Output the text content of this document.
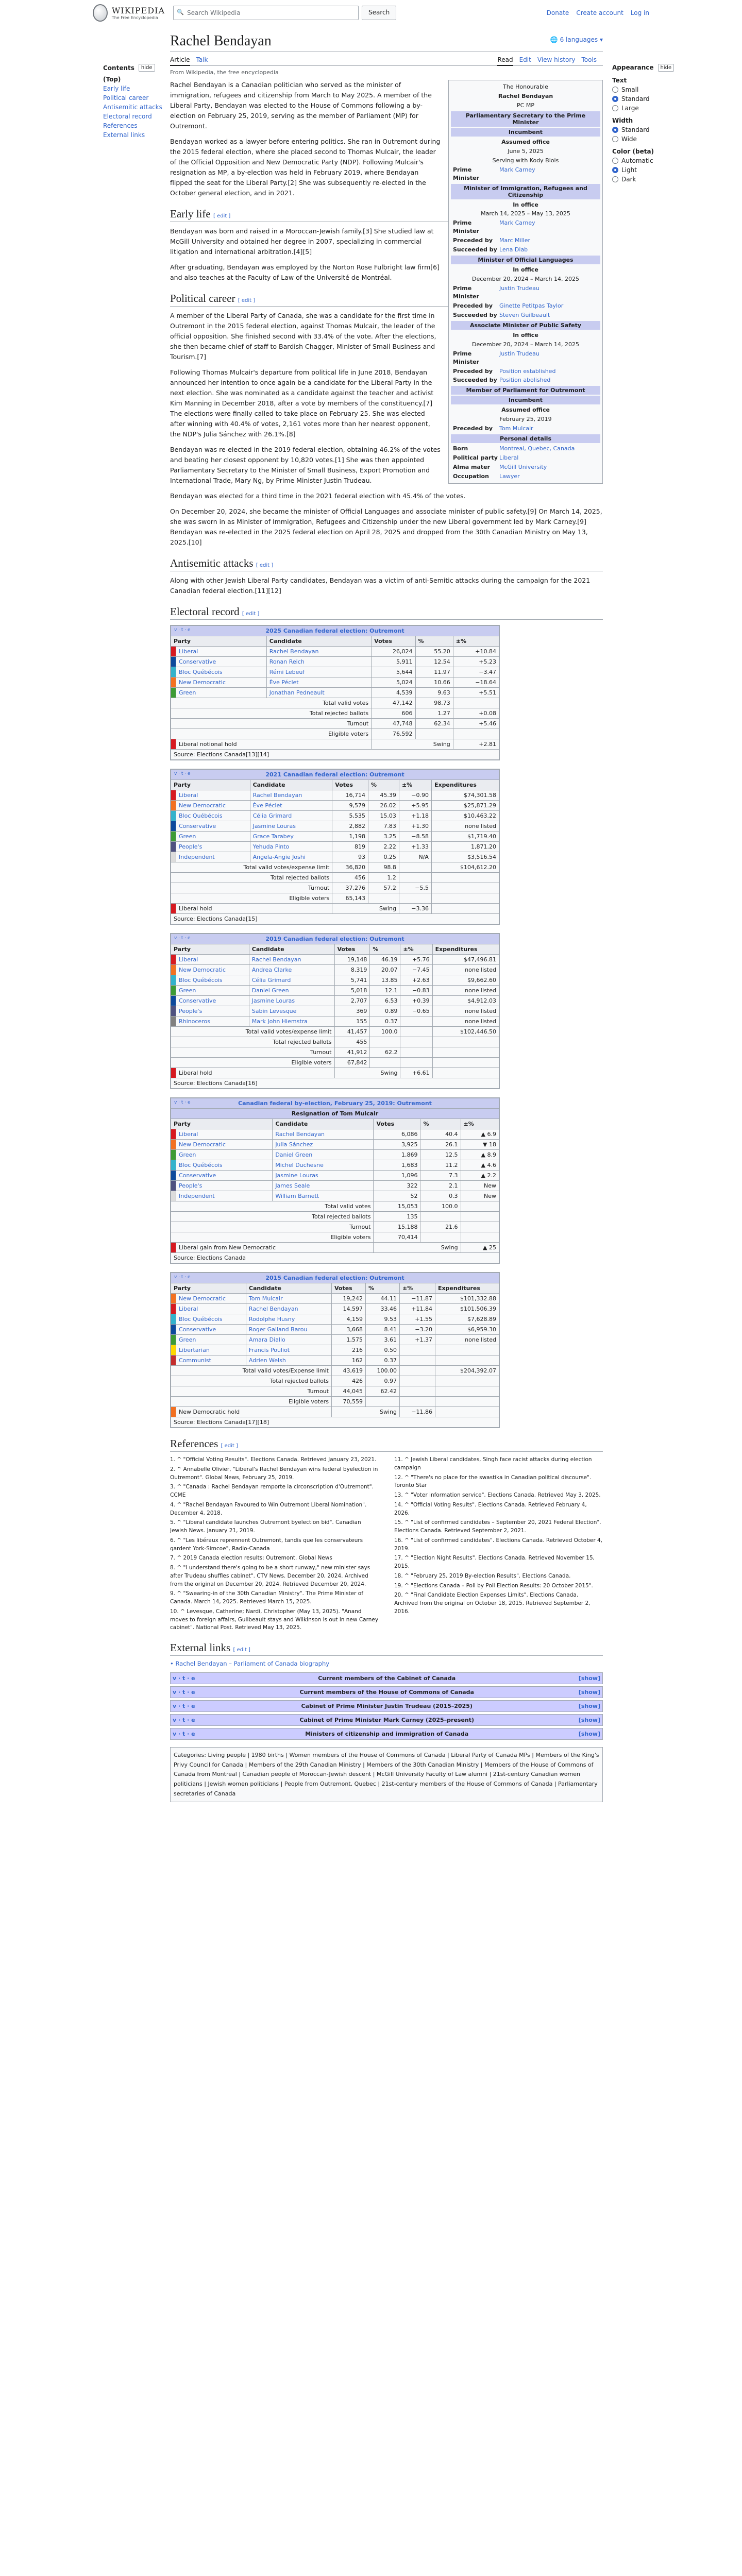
WIKIPEDIA
The Free Encyclopedia
🔍 Search Wikipedia	Search	Donate Create account Log in
Contents	hide
(Top)
Early life
Political career
Antisemitic attacks
Electoral record
References
External links
Appearance	hide
Text
Small
Standard
Large
Width
Standard
Wide
Color (beta)
Automatic
Light
Dark
Rachel Bendayan	🌐 6 languages ▾
Article Talk	Read Edit View history Tools
From Wikipedia, the free encyclopedia
The Honourable
Rachel Bendayan
PC MP
Parliamentary Secretary to the Prime Minister
Incumbent
Assumed office
June 5, 2025
Serving with Kody Blois
Prime Minister
Mark Carney
Minister of Immigration, Refugees and Citizenship
In office
March 14, 2025 – May 13, 2025
Prime Minister
Mark Carney
Preceded by	Marc Miller
Succeeded by Lena Diab
Minister of Official Languages
In office
December 20, 2024 – March 14, 2025
Prime Minister
Justin Trudeau
Preceded by	Ginette Petitpas Taylor
Succeeded by Steven Guilbeault
Associate Minister of Public Safety
In office
December 20, 2024 – March 14, 2025
Prime Minister
Justin Trudeau
Preceded by	Position established
Succeeded by Position abolished
Member of Parliament for Outremont
Incumbent
Assumed office
February 25, 2019
Preceded by	Tom Mulcair
Personal details
Born	Montreal, Quebec, Canada
Political party Liberal
Alma mater	McGill University
Occupation	Lawyer

Rachel Bendayan is a Canadian politician who served as the minister of immigration, refugees and citizenship from March to May 2025. A member of the Liberal Party, Bendayan was elected to the House of Commons following a by-election on February 25, 2019, serving as the member of Parliament (MP) for Outremont.

Bendayan worked as a lawyer before entering politics. She ran in Outremont during the 2015 federal election, where she placed second to Thomas Mulcair, the leader of the Official Opposition and New Democratic Party (NDP). Following Mulcair's resignation as MP, a by-election was held in February 2019, where Bendayan flipped the seat for the Liberal Party.[2] She was subsequently re-elected in the October general election, and in 2021.

Early life [ edit ]

Bendayan was born and raised in a Moroccan-Jewish family.[3] She studied law at McGill University and obtained her degree in 2007, specializing in commercial litigation and international arbitration.[4][5]

After graduating, Bendayan was employed by the Norton Rose Fulbright law firm[6] and also teaches at the Faculty of Law of the Université de Montréal.

Political career [ edit ]

A member of the Liberal Party of Canada, she was a candidate for the first time in Outremont in the 2015 federal election, against Thomas Mulcair, the leader of the official opposition. She finished second with 33.4% of the vote. After the elections, she then became chief of staff to Bardish Chagger, Minister of Small Business and Tourism.[7]

Following Thomas Mulcair's departure from political life in June 2018, Bendayan announced her intention to once again be a candidate for the Liberal Party in the next election. She was nominated as a candidate against the teacher and activist Kim Manning in December 2018, after a vote by members of the constituency.[7] The elections were finally called to take place on February 25. She was elected after winning with 40.4% of votes, 2,161 votes more than her nearest opponent, the NDP's Julia Sánchez with 26.1%.[8]

Bendayan was re-elected in the 2019 federal election, obtaining 46.2% of the votes and beating her closest opponent by 10,820 votes.[1] She was then appointed Parliamentary Secretary to the Minister of Small Business, Export Promotion and International Trade, Mary Ng, by Prime Minister Justin Trudeau.

Bendayan was elected for a third time in the 2021 federal election with 45.4% of the votes.

On December 20, 2024, she became the minister of Official Languages and associate minister of public safety.[9] On March 14, 2025, she was sworn in as Minister of Immigration, Refugees and Citizenship under the new Liberal government led by Mark Carney.[9] Bendayan was re-elected in the 2025 federal election on April 28, 2025 and dropped from the 30th Canadian Ministry on May 13, 2025.[10]

Antisemitic attacks [ edit ]

Along with other Jewish Liberal Party candidates, Bendayan was a victim of anti-Semitic attacks during the campaign for the 2021 Canadian federal election.[11][12]

Electoral record [ edit ]
2025 Canadian federal election: Outremont
v · t · e					

Party		Candidate	Votes	%	±%
	Liberal	Rachel Bendayan	26,024	55.20	+10.84
	Conservative	Ronan Reich	5,911	12.54	+5.23
	Bloc Québécois	Rémi Lebeuf	5,644	11.97	−3.47
	New Democratic	Ève Péclet	5,024	10.66	−18.64
	Green	Jonathan Pedneault	4,539	9.63	+5.51
Total valid votes			47,142	98.73	
Total rejected ballots			606	1.27	+0.08
Turnout			47,748	62.34	+5.46
Eligible voters			76,592		
	Liberal notional hold		Swing		+2.81
Source: Elections Canada[13][14]					
2021 Canadian federal election: Outremont
v · t · e						

Party		Candidate	Votes	%	±%	Expenditures
	Liberal	Rachel Bendayan	16,714	45.39	−0.90	$74,301.58
	New Democratic	Ève Péclet	9,579	26.02	+5.95	$25,871.29
	Bloc Québécois	Célia Grimard	5,535	15.03	+1.18	$10,463.22
	Conservative	Jasmine Louras	2,882	7.83	+1.30	none listed
	Green	Grace Tarabey	1,198	3.25	−8.58	$1,719.40
	People's	Yehuda Pinto	819	2.22	+1.33	1,871.20
	Independent	Angela-Angie Joshi	93	0.25	N/A	$3,516.54
Total valid votes/expense limit			36,820	98.8		$104,612.20
Total rejected ballots			456	1.2		
Turnout			37,276	57.2	−5.5	
Eligible voters			65,143			
	Liberal hold		Swing		−3.36	
Source: Elections Canada[15]						
2019 Canadian federal election: Outremont
v · t · e						

Party		Candidate	Votes	%	±%	Expenditures
	Liberal	Rachel Bendayan	19,148	46.19	+5.76	$47,496.81
	New Democratic	Andrea Clarke	8,319	20.07	−7.45	none listed
	Bloc Québécois	Célia Grimard	5,741	13.85	+2.63	$9,662.60
	Green	Daniel Green	5,018	12.1	−0.83	none listed
	Conservative	Jasmine Louras	2,707	6.53	+0.39	$4,912.03
	People's	Sabin Levesque	369	0.89	−0.65	none listed
	Rhinoceros	Mark John Hiemstra	155	0.37		none listed
Total valid votes/expense limit			41,457	100.0		$102,446.50
Total rejected ballots			455			
Turnout			41,912	62.2		
Eligible voters			67,842			
	Liberal hold		Swing		+6.61	
Source: Elections Canada[16]						
Canadian federal by-election, February 25, 2019: Outremont
v · t · e					

Resignation of Tom Mulcair					
Party		Candidate	Votes	%	±%
	Liberal	Rachel Bendayan	6,086	40.4	▲ 6.9
	New Democratic	Julia Sánchez	3,925	26.1	▼ 18
	Green	Daniel Green	1,869	12.5	▲ 8.9
	Bloc Québécois	Michel Duchesne	1,683	11.2	▲ 4.6
	Conservative	Jasmine Louras	1,096	7.3	▲ 2.2
	People's	James Seale	322	2.1	New
	Independent	William Barnett	52	0.3	New
Total valid votes			15,053	100.0	
Total rejected ballots			135		
Turnout			15,188	21.6	
Eligible voters			70,414		
	Liberal gain from New Democratic		Swing		▲ 25
Source: Elections Canada					
2015 Canadian federal election: Outremont
v · t · e						

Party		Candidate	Votes	%	±%	Expenditures
	New Democratic	Tom Mulcair	19,242	44.11	−11.87	$101,332.88
	Liberal	Rachel Bendayan	14,597	33.46	+11.84	$101,506.39
	Bloc Québécois	Rodolphe Husny	4,159	9.53	+1.55	$7,628.89
	Conservative	Roger Galland Barou	3,668	8.41	−3.20	$6,959.30
	Green	Amara Diallo	1,575	3.61	+1.37	none listed
	Libertarian	Francis Pouliot	216	0.50		
	Communist	Adrien Welsh	162	0.37		
Total valid votes/Expense limit			43,619	100.00		$204,392.07
Total rejected ballots			426	0.97		
Turnout			44,045	62.42		
Eligible voters			70,559			
	New Democratic hold		Swing		−11.86	
Source: Elections Canada[17][18]						
References [ edit ]
1. ^ "Official Voting Results". Elections Canada. Retrieved January 23, 2021.
2. ^ Annabelle Olivier, "Liberal's Rachel Bendayan wins federal byelection in Outremont". Global News, February 25, 2019.
3. ^ "Canada : Rachel Bendayan remporte la circonscription d'Outremont". CCME
4. ^ "Rachel Bendayan Favoured to Win Outremont Liberal Nomination". December 4, 2018.
5. ^ "Liberal candidate launches Outremont byelection bid". Canadian Jewish News. January 21, 2019.
6. ^ "Les libéraux reprennent Outremont, tandis que les conservateurs gardent York-Simcoe", Radio-Canada
7. ^ 2019 Canada election results: Outremont. Global News
8. ^ "I understand there's going to be a short runway," new minister says after Trudeau shuffles cabinet". CTV News. December 20, 2024. Archived from the original on December 20, 2024. Retrieved December 20, 2024.
9. ^ "Swearing-in of the 30th Canadian Ministry". The Prime Minister of Canada. March 14, 2025. Retrieved March 15, 2025.
10. ^ Levesque, Catherine; Nardi, Christopher (May 13, 2025). "Anand moves to foreign affairs, Guilbeault stays and Wilkinson is out in new Carney cabinet". National Post. Retrieved May 13, 2025.
11. ^ Jewish Liberal candidates, Singh face racist attacks during election campaign
12. ^ "There's no place for the swastika in Canadian political discourse". Toronto Star
13. ^ "Voter information service". Elections Canada. Retrieved May 3, 2025.
14. ^ "Official Voting Results". Elections Canada. Retrieved February 4, 2026.
15. ^ "List of confirmed candidates – September 20, 2021 Federal Election". Elections Canada. Retrieved September 2, 2021.
16. ^ "List of confirmed candidates". Elections Canada. Retrieved October 4, 2019.
17. ^ "Election Night Results". Elections Canada. Retrieved November 15, 2015.
18. ^ "February 25, 2019 By-election Results". Elections Canada.
19. ^ "Elections Canada – Poll by Poll Election Results: 20 October 2015".
20. ^ "Final Candidate Election Expenses Limits". Elections Canada. Archived from the original on October 18, 2015. Retrieved September 2, 2016.
External links [ edit ]
• Rachel Bendayan – Parliament of Canada biography
v · t · e	Current members of the Cabinet of Canada	[show]
v · t · e	Current members of the House of Commons of Canada	[show]
v · t · e	Cabinet of Prime Minister Justin Trudeau (2015–2025)	[show]
v · t · e	Cabinet of Prime Minister Mark Carney (2025–present)	[show]
v · t · e	Ministers of citizenship and immigration of Canada	[show]
Categories: Living people | 1980 births | Women members of the House of Commons of Canada | Liberal Party of Canada MPs | Members of the King's Privy Council for Canada | Members of the 29th Canadian Ministry | Members of the 30th Canadian Ministry | Members of the House of Commons of Canada from Montreal | Canadian people of Moroccan-Jewish descent | McGill University Faculty of Law alumni | 21st-century Canadian women politicians | Jewish women politicians | People from Outremont, Quebec | 21st-century members of the House of Commons of Canada | Parliamentary secretaries of Canada
